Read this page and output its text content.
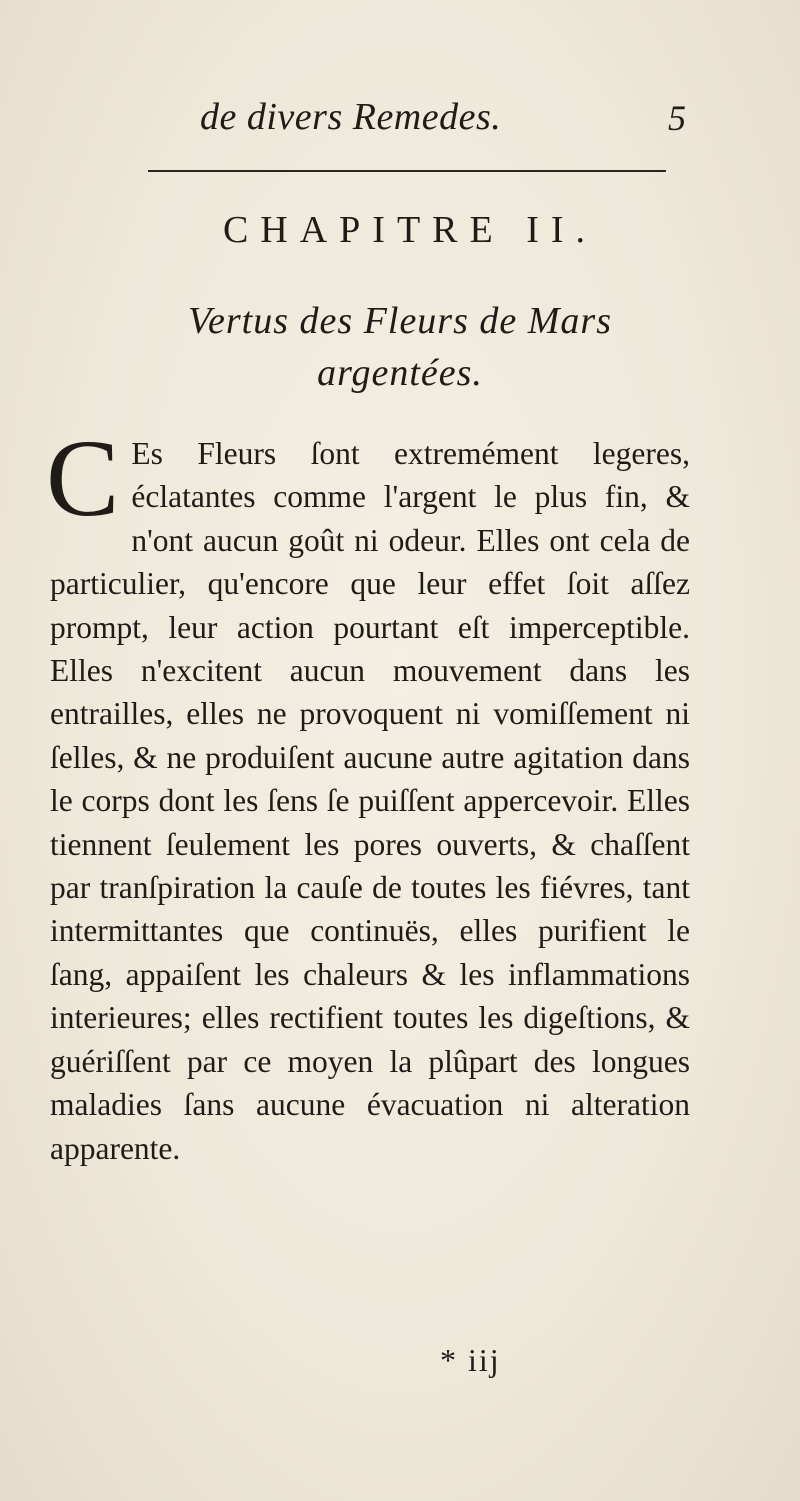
de divers Remedes.	5
CHAPITRE II.
Vertus des Fleurs de Mars
argentées.

C Es Fleurs ſont extremément legeres, éclatantes comme l'argent le plus fin, & n'ont aucun goût ni odeur. Elles ont cela de particulier, qu'encore que leur effet ſoit aſſez prompt, leur action pourtant eſt imperceptible. Elles n'excitent aucun mouvement dans les entrailles, elles ne provoquent ni vomiſſement ni ſelles, & ne produiſent aucune autre agitation dans le corps dont les ſens ſe puiſſent appercevoir. Elles tiennent ſeulement les pores ouverts, & chaſſent par tranſpiration la cauſe de toutes les fiévres, tant intermittantes que continuës, elles purifient le ſang, appaiſent les chaleurs & les inflammations interieures; elles rectifient toutes les digeſtions, & guériſſent par ce moyen la plûpart des longues maladies ſans aucune évacuation ni alteration apparente.

* iij
